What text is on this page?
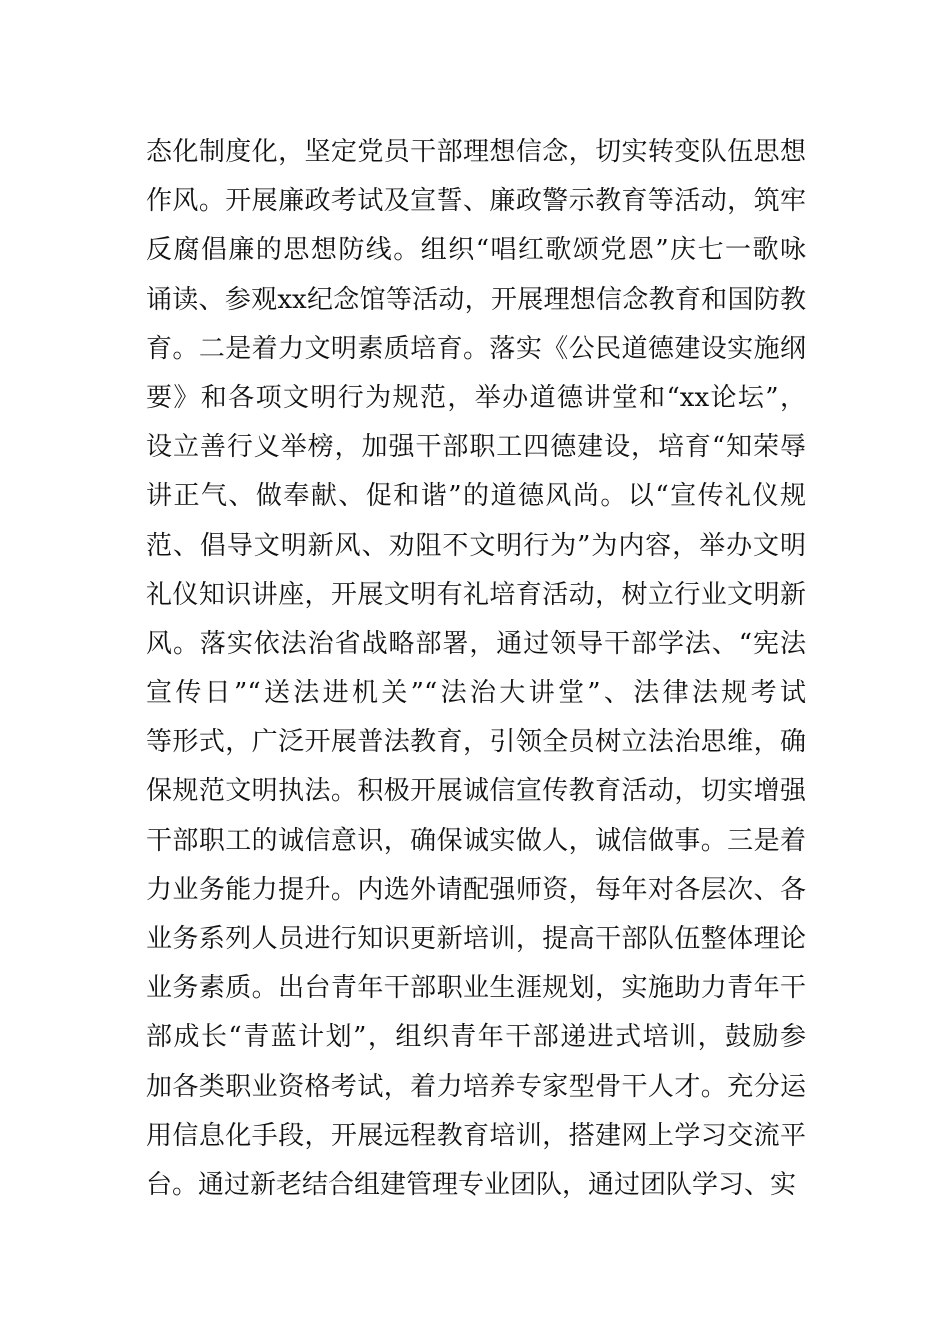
态化制度化，坚定党员干部理想信念，切实转变队伍思想
作风。开展廉政考试及宣誓、廉政警示教育等活动，筑牢
反腐倡廉的思想防线。组织“唱红歌颂党恩”庆七一歌咏
诵读、参观xx纪念馆等活动，开展理想信念教育和国防教
育。二是着力文明素质培育。落实《公民道德建设实施纲
要》和各项文明行为规范，举办道德讲堂和“xx论坛”，
设立善行义举榜，加强干部职工四德建设，培育“知荣辱
讲正气、做奉献、促和谐”的道德风尚。以“宣传礼仪规
范、倡导文明新风、劝阻不文明行为”为内容，举办文明
礼仪知识讲座，开展文明有礼培育活动，树立行业文明新
风。落实依法治省战略部署，通过领导干部学法、“宪法
宣传日”“送法进机关”“法治大讲堂”、法律法规考试
等形式，广泛开展普法教育，引领全员树立法治思维，确
保规范文明执法。积极开展诚信宣传教育活动，切实增强
干部职工的诚信意识，确保诚实做人，诚信做事。三是着
力业务能力提升。内选外请配强师资，每年对各层次、各
业务系列人员进行知识更新培训，提高干部队伍整体理论
业务素质。出台青年干部职业生涯规划，实施助力青年干
部成长“青蓝计划”，组织青年干部递进式培训，鼓励参
加各类职业资格考试，着力培养专家型骨干人才。充分运
用信息化手段，开展远程教育培训，搭建网上学习交流平
台。通过新老结合组建管理专业团队，通过团队学习、实
